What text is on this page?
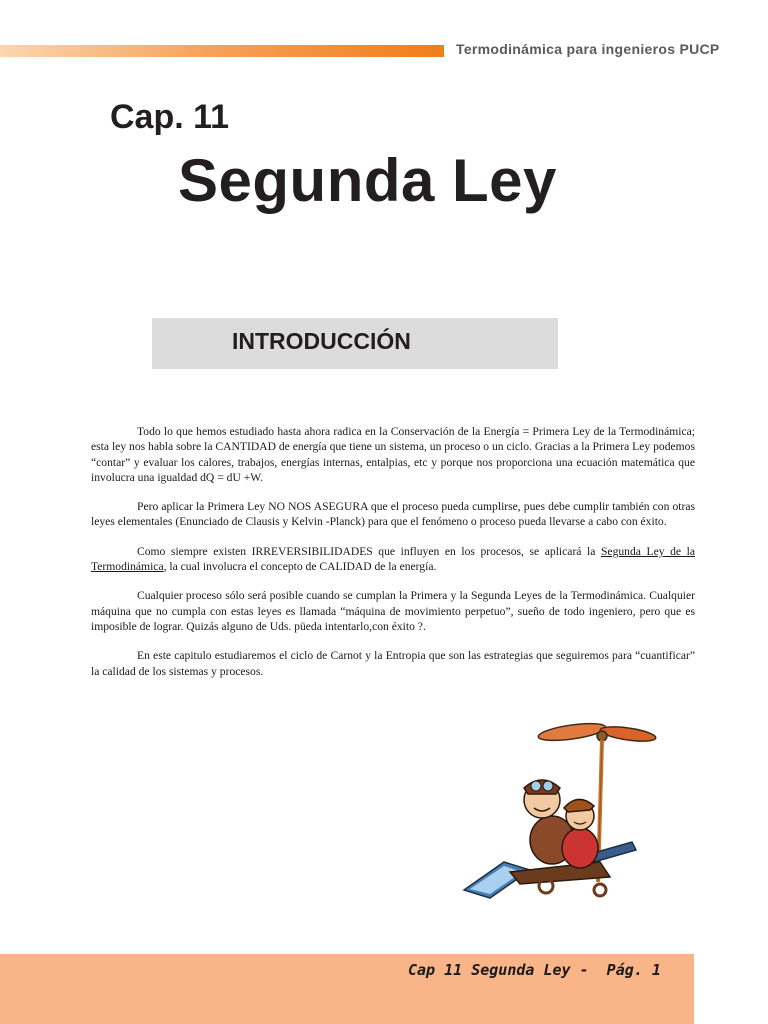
Termodinámica para ingenieros PUCP
Cap. 11
Segunda Ley
INTRODUCCIÓN

Todo lo que hemos estudiado hasta ahora radica en la Conservación de la Energía = Primera Ley de la Termodinámica; esta ley nos habla sobre la CANTIDAD de energía que tiene un sistema, un proceso o un ciclo. Gracias a la Primera Ley podemos “contar” y evaluar los calores, trabajos, energías internas, entalpias, etc y porque nos proporciona una ecuación matemática que involucra una igualdad dQ = dU +W.

Pero aplicar la Primera Ley NO NOS ASEGURA que el proceso pueda cumplirse, pues debe cumplir también con otras leyes elementales (Enunciado de Clausis y Kelvin -Planck) para que el fenómeno o proceso pueda llevarse a cabo con éxito.

Como siempre existen IRREVERSIBILIDADES que influyen en los procesos, se aplicará la Segunda Ley de la Termodinámica, la cual involucra el concepto de CALIDAD de la energía.

Cualquier proceso sólo será posible cuando se cumplan la Primera y la Segunda Leyes de la Termodinámica. Cualquier máquina que no cumpla con estas leyes es llamada “máquina de movimiento perpetuo”, sueño de todo ingeniero, pero que es imposible de lograr. Quizás alguno de Uds. püeda intentarlo,con éxito ?.

En este capitulo estudiaremos el ciclo de Carnot y la Entropia que son las estrategias que seguiremos para “cuantificar” la calidad de los sistemas y procesos.

Cap 11 Segunda Ley -  Pág. 1
